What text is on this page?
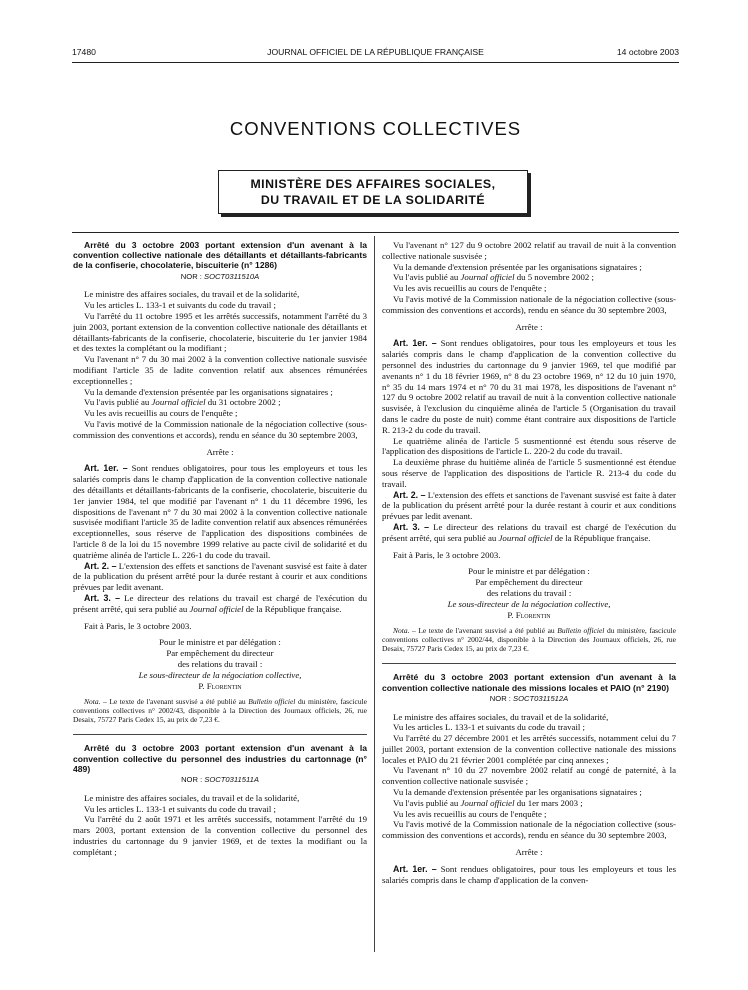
17480	JOURNAL OFFICIEL DE LA RÉPUBLIQUE FRANÇAISE	14 octobre 2003
CONVENTIONS COLLECTIVES
MINISTÈRE DES AFFAIRES SOCIALES,
DU TRAVAIL ET DE LA SOLIDARITÉ

Arrêté du 3 octobre 2003 portant extension d'un avenant à la convention collective nationale des détaillants et détaillants-fabricants de la confiserie, chocolaterie, biscuiterie (n° 1286)

NOR : SOCT0311510A

Le ministre des affaires sociales, du travail et de la solidarité,

Vu les articles L. 133-1 et suivants du code du travail ;

Vu l'arrêté du 11 octobre 1995 et les arrêtés successifs, notamment l'arrêté du 3 juin 2003, portant extension de la convention collective nationale des détaillants et détaillants-fabricants de la confiserie, chocolaterie, biscuiterie du 1er janvier 1984 et des textes la complétant ou la modifiant ;

Vu l'avenant n° 7 du 30 mai 2002 à la convention collective nationale susvisée modifiant l'article 35 de ladite convention relatif aux absences rémunérées exceptionnelles ;

Vu la demande d'extension présentée par les organisations signataires ;

Vu l'avis publié au Journal officiel du 31 octobre 2002 ;

Vu les avis recueillis au cours de l'enquête ;

Vu l'avis motivé de la Commission nationale de la négociation collective (sous-commission des conventions et accords), rendu en séance du 30 septembre 2003,

Arrête :

Art. 1er. – Sont rendues obligatoires, pour tous les employeurs et tous les salariés compris dans le champ d'application de la convention collective nationale des détaillants et détaillants-fabricants de la confiserie, chocolaterie, biscuiterie du 1er janvier 1984, tel que modifié par l'avenant n° 1 du 11 décembre 1996, les dispositions de l'avenant n° 7 du 30 mai 2002 à la convention collective nationale susvisée modifiant l'article 35 de ladite convention relatif aux absences rémunérées exceptionnelles, sous réserve de l'application des dispositions combinées de l'article 8 de la loi du 15 novembre 1999 relative au pacte civil de solidarité et du quatrième alinéa de l'article L. 226-1 du code du travail.

Art. 2. – L'extension des effets et sanctions de l'avenant susvisé est faite à dater de la publication du présent arrêté pour la durée restant à courir et aux conditions prévues par ledit avenant.

Art. 3. – Le directeur des relations du travail est chargé de l'exécution du présent arrêté, qui sera publié au Journal officiel de la République française.

Fait à Paris, le 3 octobre 2003.

Pour le ministre et par délégation :
Par empêchement du directeur
des relations du travail :
Le sous-directeur de la négociation collective,
P. Florentin

Nota. – Le texte de l'avenant susvisé a été publié au Bulletin officiel du ministère, fascicule conventions collectives n° 2002/43, disponible à la Direction des Journaux officiels, 26, rue Desaix, 75727 Paris Cedex 15, au prix de 7,23 €.

Arrêté du 3 octobre 2003 portant extension d'un avenant à la convention collective du personnel des industries du cartonnage (n° 489)

NOR : SOCT0311511A

Le ministre des affaires sociales, du travail et de la solidarité,

Vu les articles L. 133-1 et suivants du code du travail ;

Vu l'arrêté du 2 août 1971 et les arrêtés successifs, notamment l'arrêté du 19 mars 2003, portant extension de la convention collective du personnel des industries du cartonnage du 9 janvier 1969, et de textes la modifiant ou la complétant ;

Vu l'avenant n° 127 du 9 octobre 2002 relatif au travail de nuit à la convention collective nationale susvisée ;

Vu la demande d'extension présentée par les organisations signataires ;

Vu l'avis publié au Journal officiel du 5 novembre 2002 ;

Vu les avis recueillis au cours de l'enquête ;

Vu l'avis motivé de la Commission nationale de la négociation collective (sous-commission des conventions et accords), rendu en séance du 30 septembre 2003,

Arrête :

Art. 1er. – Sont rendues obligatoires, pour tous les employeurs et tous les salariés compris dans le champ d'application de la convention collective du personnel des industries du cartonnage du 9 janvier 1969, tel que modifié par avenants n° 1 du 18 février 1969, n° 8 du 23 octobre 1969, n° 12 du 10 juin 1970, n° 35 du 14 mars 1974 et n° 70 du 31 mai 1978, les dispositions de l'avenant n° 127 du 9 octobre 2002 relatif au travail de nuit à la convention collective nationale susvisée, à l'exclusion du cinquième alinéa de l'article 5 (Organisation du travail dans le cadre du poste de nuit) comme étant contraire aux dispositions de l'article R. 213-2 du code du travail.

Le quatrième alinéa de l'article 5 susmentionné est étendu sous réserve de l'application des dispositions de l'article L. 220-2 du code du travail.

La deuxième phrase du huitième alinéa de l'article 5 susmentionné est étendue sous réserve de l'application des dispositions de l'article R. 213-4 du code du travail.

Art. 2. – L'extension des effets et sanctions de l'avenant susvisé est faite à dater de la publication du présent arrêté pour la durée restant à courir et aux conditions prévues par ledit avenant.

Art. 3. – Le directeur des relations du travail est chargé de l'exécution du présent arrêté, qui sera publié au Journal officiel de la République française.

Fait à Paris, le 3 octobre 2003.

Pour le ministre et par délégation :
Par empêchement du directeur
des relations du travail :
Le sous-directeur de la négociation collective,
P. Florentin

Nota. – Le texte de l'avenant susvisé a été publié au Bulletin officiel du ministère, fascicule conventions collectives n° 2002/44, disponible à la Direction des Journaux officiels, 26, rue Desaix, 75727 Paris Cedex 15, au prix de 7,23 €.

Arrêté du 3 octobre 2003 portant extension d'un avenant à la convention collective nationale des missions locales et PAIO (n° 2190)

NOR : SOCT0311512A

Le ministre des affaires sociales, du travail et de la solidarité,

Vu les articles L. 133-1 et suivants du code du travail ;

Vu l'arrêté du 27 décembre 2001 et les arrêtés successifs, notamment celui du 7 juillet 2003, portant extension de la convention collective nationale des missions locales et PAIO du 21 février 2001 complétée par cinq annexes ;

Vu l'avenant n° 10 du 27 novembre 2002 relatif au congé de paternité, à la convention collective nationale susvisée ;

Vu la demande d'extension présentée par les organisations signataires ;

Vu l'avis publié au Journal officiel du 1er mars 2003 ;

Vu les avis recueillis au cours de l'enquête ;

Vu l'avis motivé de la Commission nationale de la négociation collective (sous-commission des conventions et accords), rendu en séance du 30 septembre 2003,

Arrête :

Art. 1er. – Sont rendues obligatoires, pour tous les employeurs et tous les salariés compris dans le champ d'application de la conven-
